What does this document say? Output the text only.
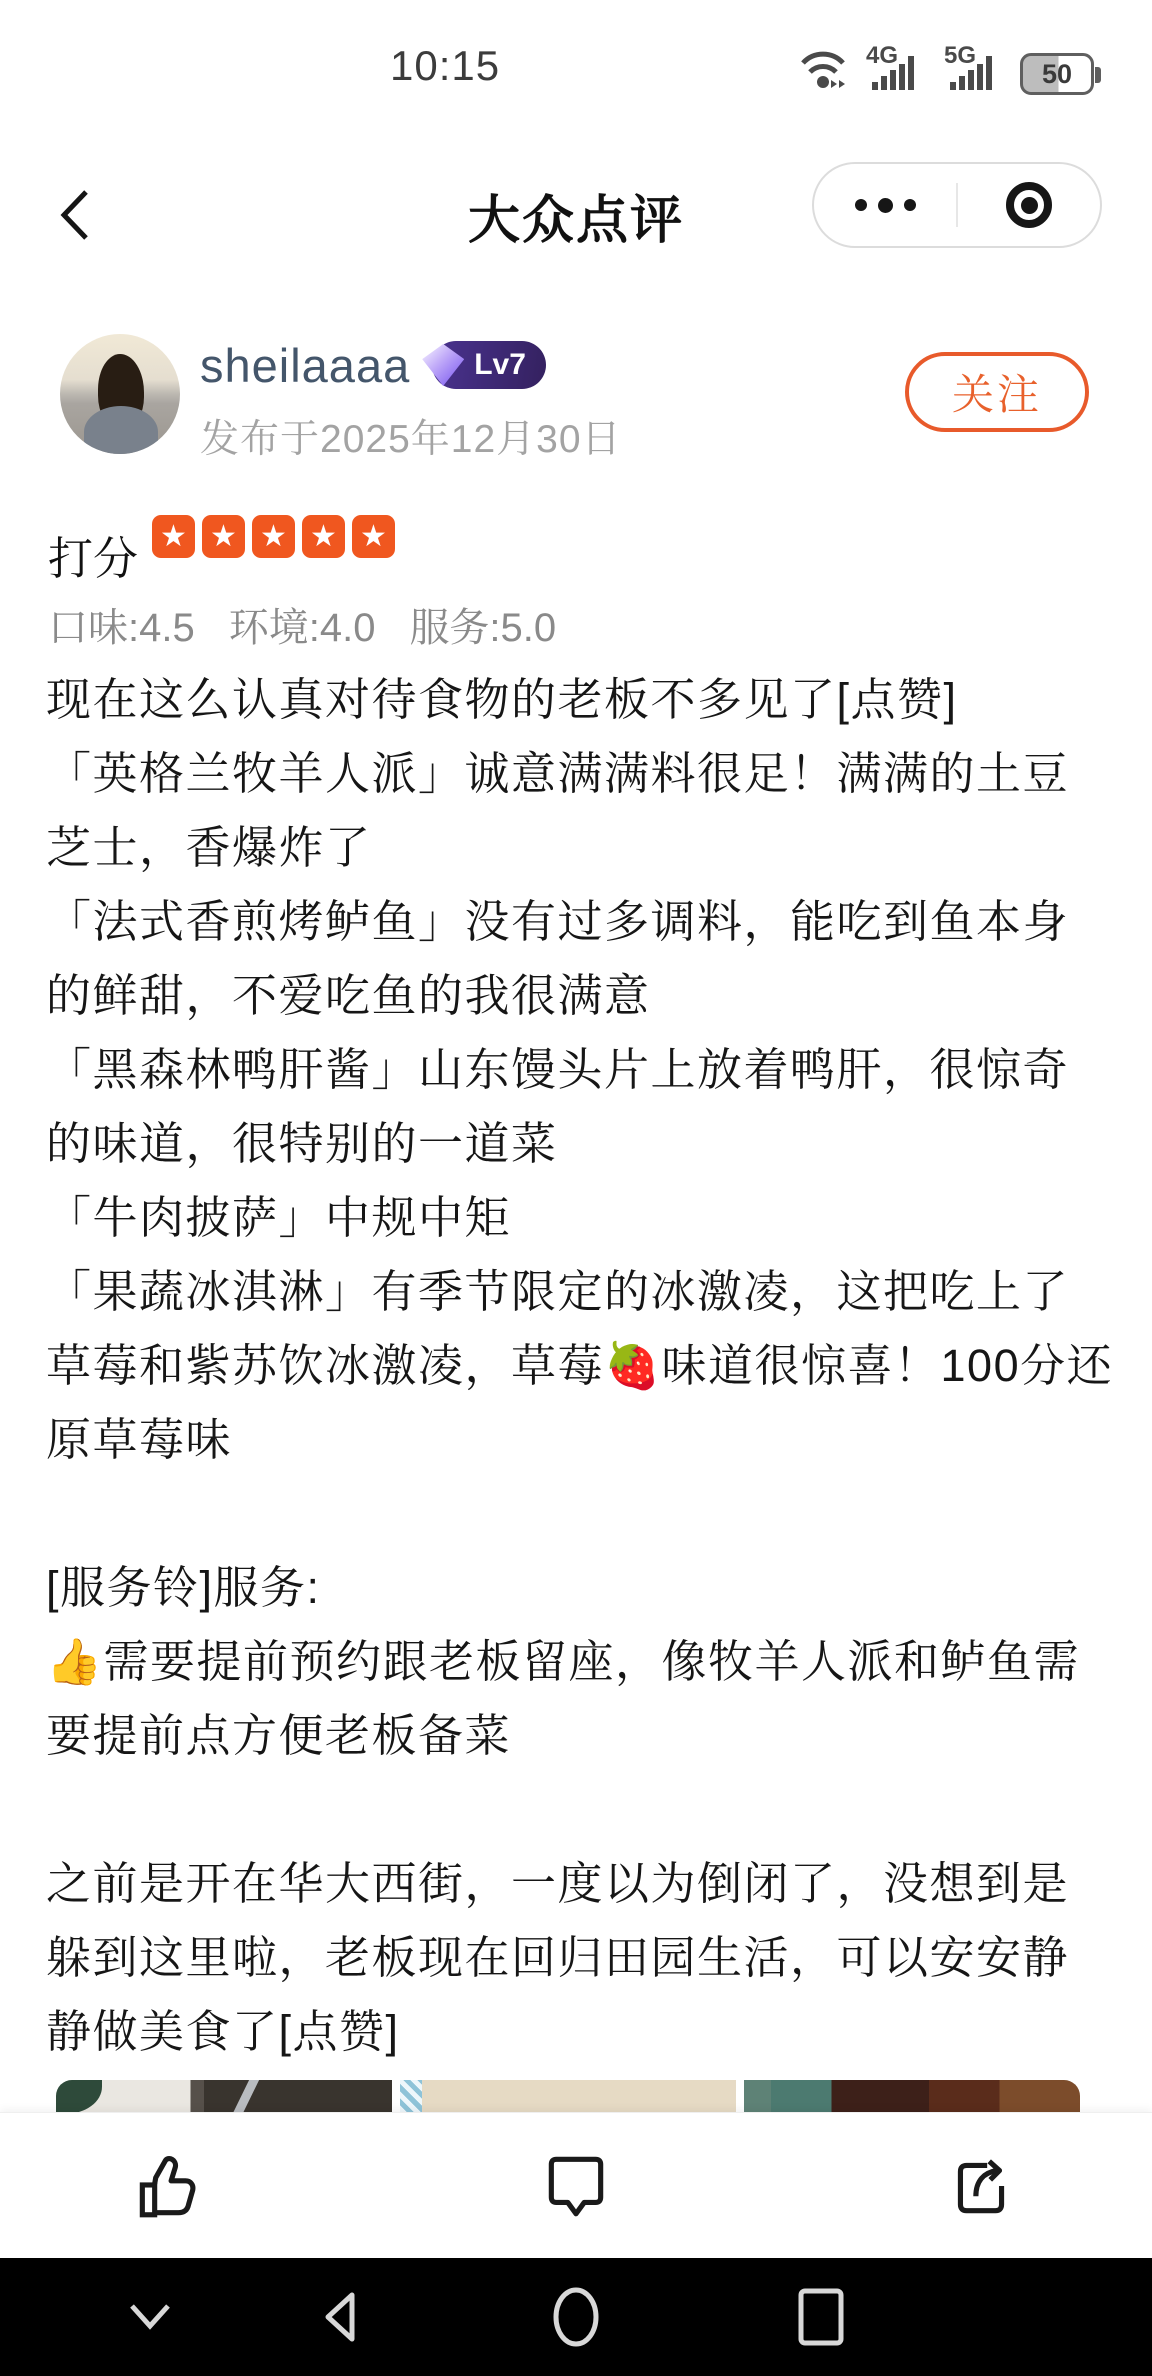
10:15	4G 5G
50
大众点评
sheilaaaa Lv7
发布于2025年12月30日
关注
打分 ★ ★ ★ ★ ★
口味:4.5 环境:4.0 服务:5.0
现在这么认真对待食物的老板不多见了[点赞]
「英格兰牧羊人派」诚意满满料很足！满满的土豆芝士，香爆炸了
「法式香煎烤鲈鱼」没有过多调料，能吃到鱼本身的鲜甜，不爱吃鱼的我很满意
「黑森林鸭肝酱」山东馒头片上放着鸭肝，很惊奇的味道，很特别的一道菜
「牛肉披萨」中规中矩
「果蔬冰淇淋」有季节限定的冰激凌，这把吃上了草莓和紫苏饮冰激凌，草莓🍓味道很惊喜！100分还原草莓味
[服务铃]服务:
👍需要提前预约跟老板留座，像牧羊人派和鲈鱼需要提前点方便老板备菜
之前是开在华大西街，一度以为倒闭了，没想到是躲到这里啦，老板现在回归田园生活，可以安安静静做美食了[点赞]
